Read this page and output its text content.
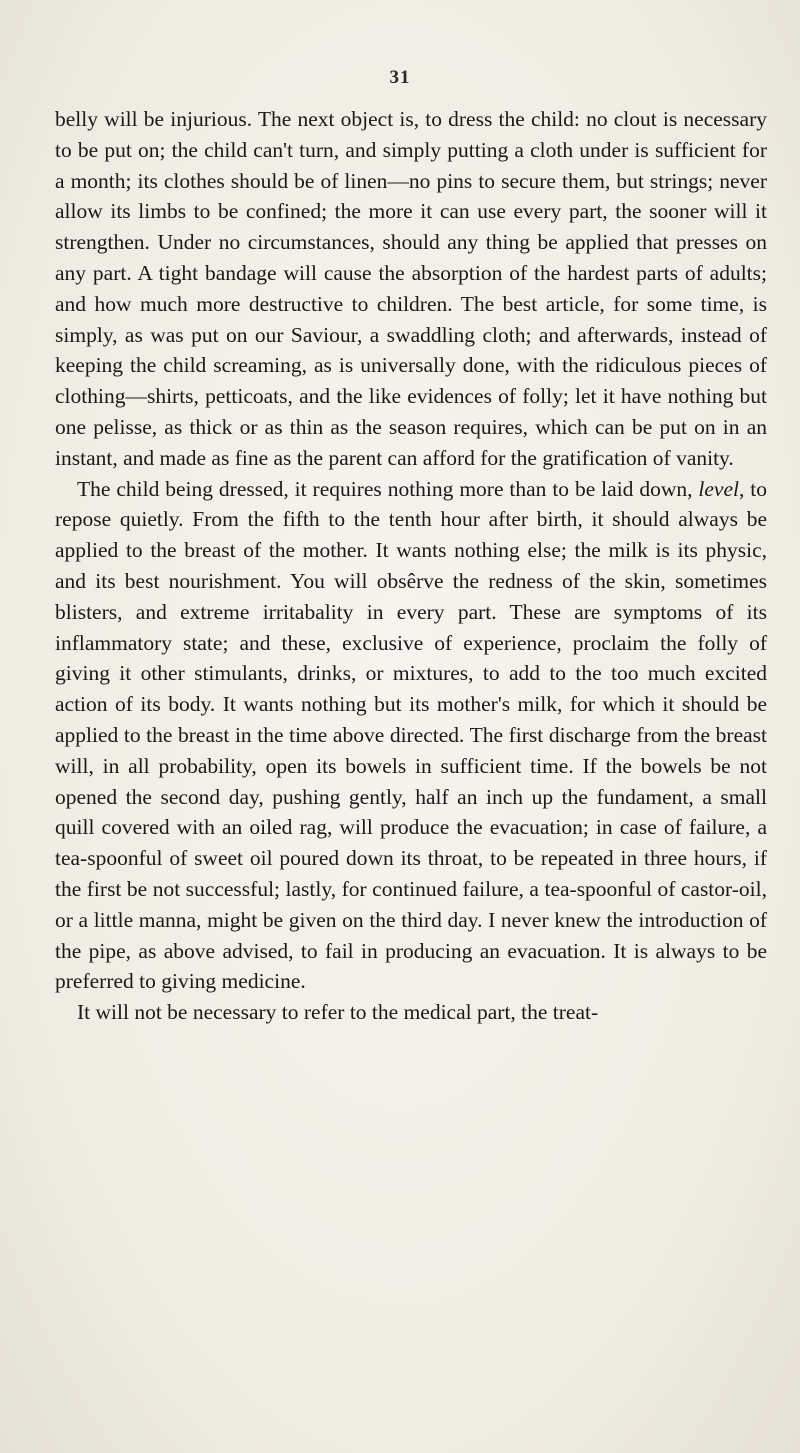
31

belly will be injurious. The next object is, to dress the child: no clout is necessary to be put on; the child can't turn, and simply putting a cloth under is sufficient for a month; its clothes should be of linen—no pins to secure them, but strings; never allow its limbs to be confined; the more it can use every part, the sooner will it strengthen. Under no circumstances, should any thing be applied that presses on any part. A tight bandage will cause the absorption of the hardest parts of adults; and how much more destructive to children. The best article, for some time, is simply, as was put on our Saviour, a swaddling cloth; and afterwards, instead of keeping the child screaming, as is universally done, with the ridiculous pieces of clothing—shirts, petticoats, and the like evidences of folly; let it have nothing but one pelisse, as thick or as thin as the season requires, which can be put on in an instant, and made as fine as the parent can afford for the gratification of vanity.

The child being dressed, it requires nothing more than to be laid down, level, to repose quietly. From the fifth to the tenth hour after birth, it should always be applied to the breast of the mother. It wants nothing else; the milk is its physic, and its best nourishment. You will obsêrve the redness of the skin, sometimes blisters, and extreme irritabality in every part. These are symptoms of its inflammatory state; and these, exclusive of experience, proclaim the folly of giving it other stimulants, drinks, or mixtures, to add to the too much excited action of its body. It wants nothing but its mother's milk, for which it should be applied to the breast in the time above directed. The first discharge from the breast will, in all probability, open its bowels in sufficient time. If the bowels be not opened the second day, pushing gently, half an inch up the fundament, a small quill covered with an oiled rag, will produce the evacuation; in case of failure, a tea-spoonful of sweet oil poured down its throat, to be repeated in three hours, if the first be not successful; lastly, for continued failure, a tea-spoonful of castor-oil, or a little manna, might be given on the third day. I never knew the introduction of the pipe, as above advised, to fail in producing an evacuation. It is always to be preferred to giving medicine.

It will not be necessary to refer to the medical part, the treat-
